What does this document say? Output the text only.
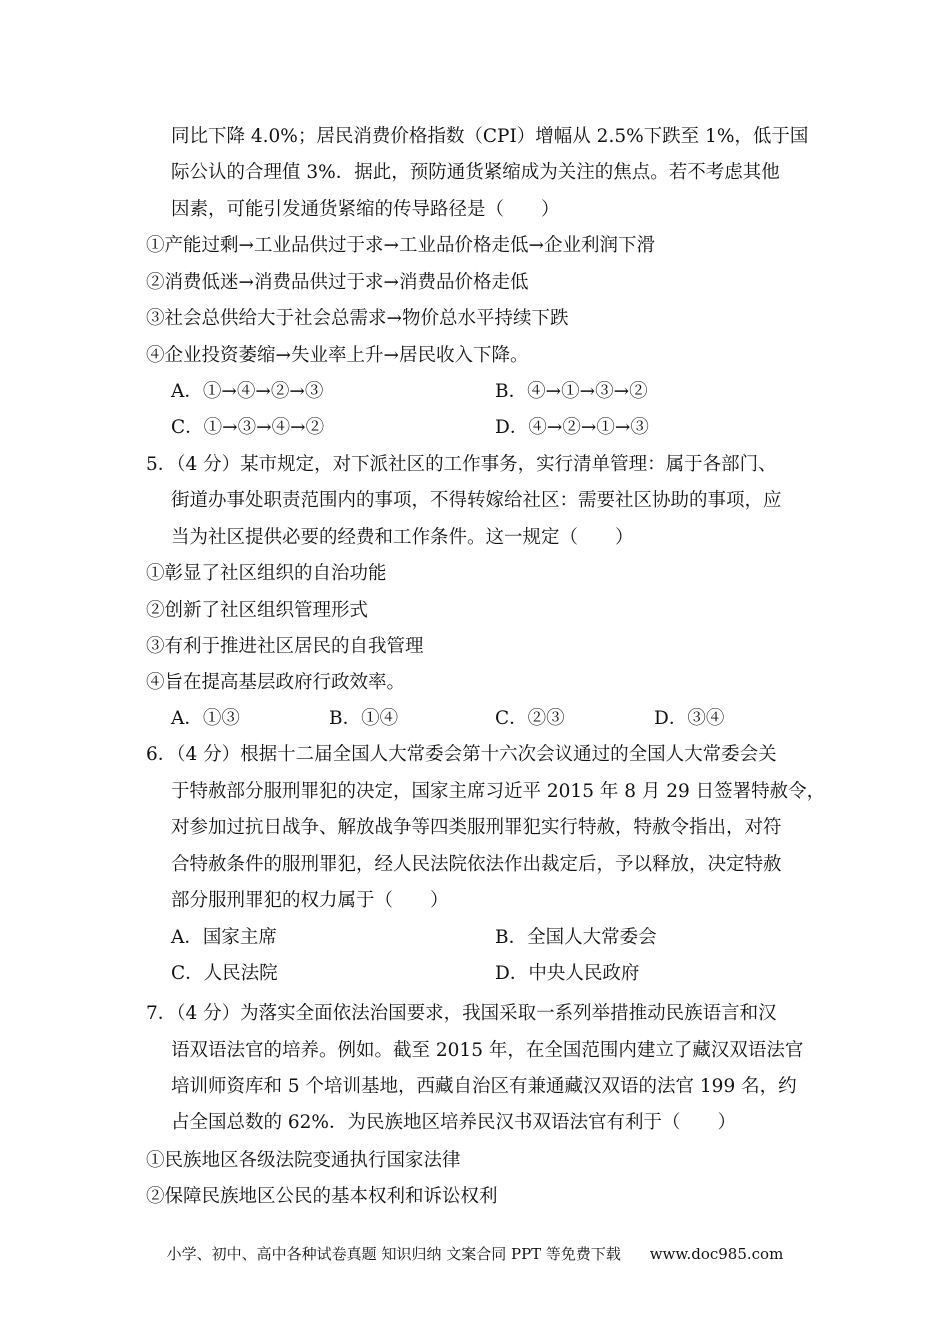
同比下降 4.0%；居民消费价格指数（CPI）增幅从 2.5%下跌至 1%，低于国
际公认的合理值 3%．据此，预防通货紧缩成为关注的焦点。若不考虑其他
因素，可能引发通货紧缩的传导路径是（　　）
①产能过剩→工业品供过于求→工业品价格走低→企业利润下滑
②消费低迷→消费品供过于求→消费品价格走低
③社会总供给大于社会总需求→物价总水平持续下跌
④企业投资萎缩→失业率上升→居民收入下降。
A．①→④→②→③	B．④→①→③→②
C．①→③→④→②	D．④→②→①→③
5．（4 分）某市规定，对下派社区的工作事务，实行清单管理：属于各部门、
街道办事处职责范围内的事项，不得转嫁给社区：需要社区协助的事项，应
当为社区提供必要的经费和工作条件。这一规定（　　）
①彰显了社区组织的自治功能
②创新了社区组织管理形式
③有利于推进社区居民的自我管理
④旨在提高基层政府行政效率。
A．①③	B．①④	C．②③	D．③④
6．（4 分）根据十二届全国人大常委会第十六次会议通过的全国人大常委会关
于特赦部分服刑罪犯的决定，国家主席习近平 2015 年 8 月 29 日签署特赦令，
对参加过抗日战争、解放战争等四类服刑罪犯实行特赦，特赦令指出，对符
合特赦条件的服刑罪犯，经人民法院依法作出裁定后，予以释放，决定特赦
部分服刑罪犯的权力属于（　　）
A．国家主席	B．全国人大常委会
C．人民法院	D．中央人民政府
7．（4 分）为落实全面依法治国要求，我国采取一系列举措推动民族语言和汉
语双语法官的培养。例如。截至 2015 年，在全国范围内建立了藏汉双语法官
培训师资库和 5 个培训基地，西藏自治区有兼通藏汉双语的法官 199 名，约
占全国总数的 62%．为民族地区培养民汉书双语法官有利于（　　）
①民族地区各级法院变通执行国家法律
②保障民族地区公民的基本权利和诉讼权利
小学、初中、高中各种试卷真题 知识归纳 文案合同 PPT 等免费下载 www.doc985.com
